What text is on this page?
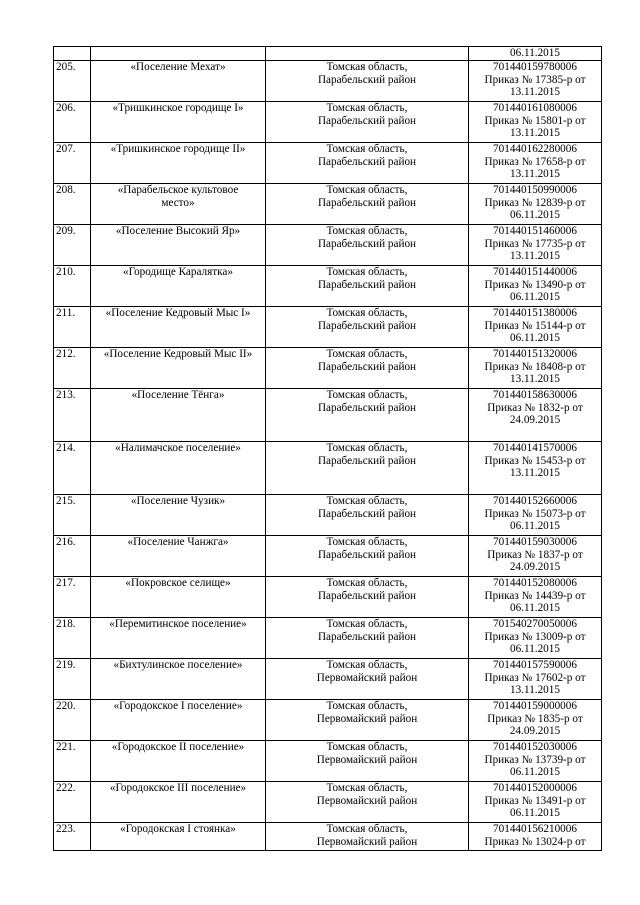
			06.11.2015

205.	«Поселение Мехат»	Томская область,
Парабельский район	701440159780006
Приказ № 17385-р от
13.11.2015

206.	«Тришкинское городище I»	Томская область,
Парабельский район	701440161080006
Приказ № 15801-р от
13.11.2015

207.	«Тришкинское городище II»	Томская область,
Парабельский район	701440162280006
Приказ № 17658-р от
13.11.2015

208.	«Парабельское культовое
место»	Томская область,
Парабельский район	701440150990006
Приказ № 12839-р от
06.11.2015

209.	«Поселение Высокий Яр»	Томская область,
Парабельский район	701440151460006
Приказ № 17735-р от
13.11.2015

210.	«Городище Каралятка»	Томская область,
Парабельский район	701440151440006
Приказ № 13490-р от
06.11.2015

211.	«Поселение Кедровый Мыс I»	Томская область,
Парабельский район	701440151380006
Приказ № 15144-р от
06.11.2015

212.	«Поселение Кедровый Мыс II»	Томская область,
Парабельский район	701440151320006
Приказ № 18408-р от
13.11.2015

213.	«Поселение Тёнга»	Томская область,
Парабельский район	701440158630006
Приказ № 1832-р от
24.09.2015

214.	«Налимачское поселение»	Томская область,
Парабельский район	701440141570006
Приказ № 15453-р от
13.11.2015

215.	«Поселение Чузик»	Томская область,
Парабельский район	701440152660006
Приказ № 15073-р от
06.11.2015

216.	«Поселение Чанжга»	Томская область,
Парабельский район	701440159030006
Приказ № 1837-р от
24.09.2015

217.	«Покровское селище»	Томская область,
Парабельский район	701440152080006
Приказ № 14439-р от
06.11.2015

218.	«Перемитинское поселение»	Томская область,
Парабельский район	701540270050006
Приказ № 13009-р от
06.11.2015

219.	«Бихтулинское поселение»	Томская область,
Первомайский район	701440157590006
Приказ № 17602-р от
13.11.2015

220.	«Городокское I поселение»	Томская область,
Первомайский район	701440159000006
Приказ № 1835-р от
24.09.2015

221.	«Городокское II поселение»	Томская область,
Первомайский район	701440152030006
Приказ № 13739-р от
06.11.2015

222.	«Городокское III поселение»	Томская область,
Первомайский район	701440152000006
Приказ № 13491-р от
06.11.2015

223.	«Городокская I стоянка»	Томская область,
Первомайский район	701440156210006
Приказ № 13024-р от
